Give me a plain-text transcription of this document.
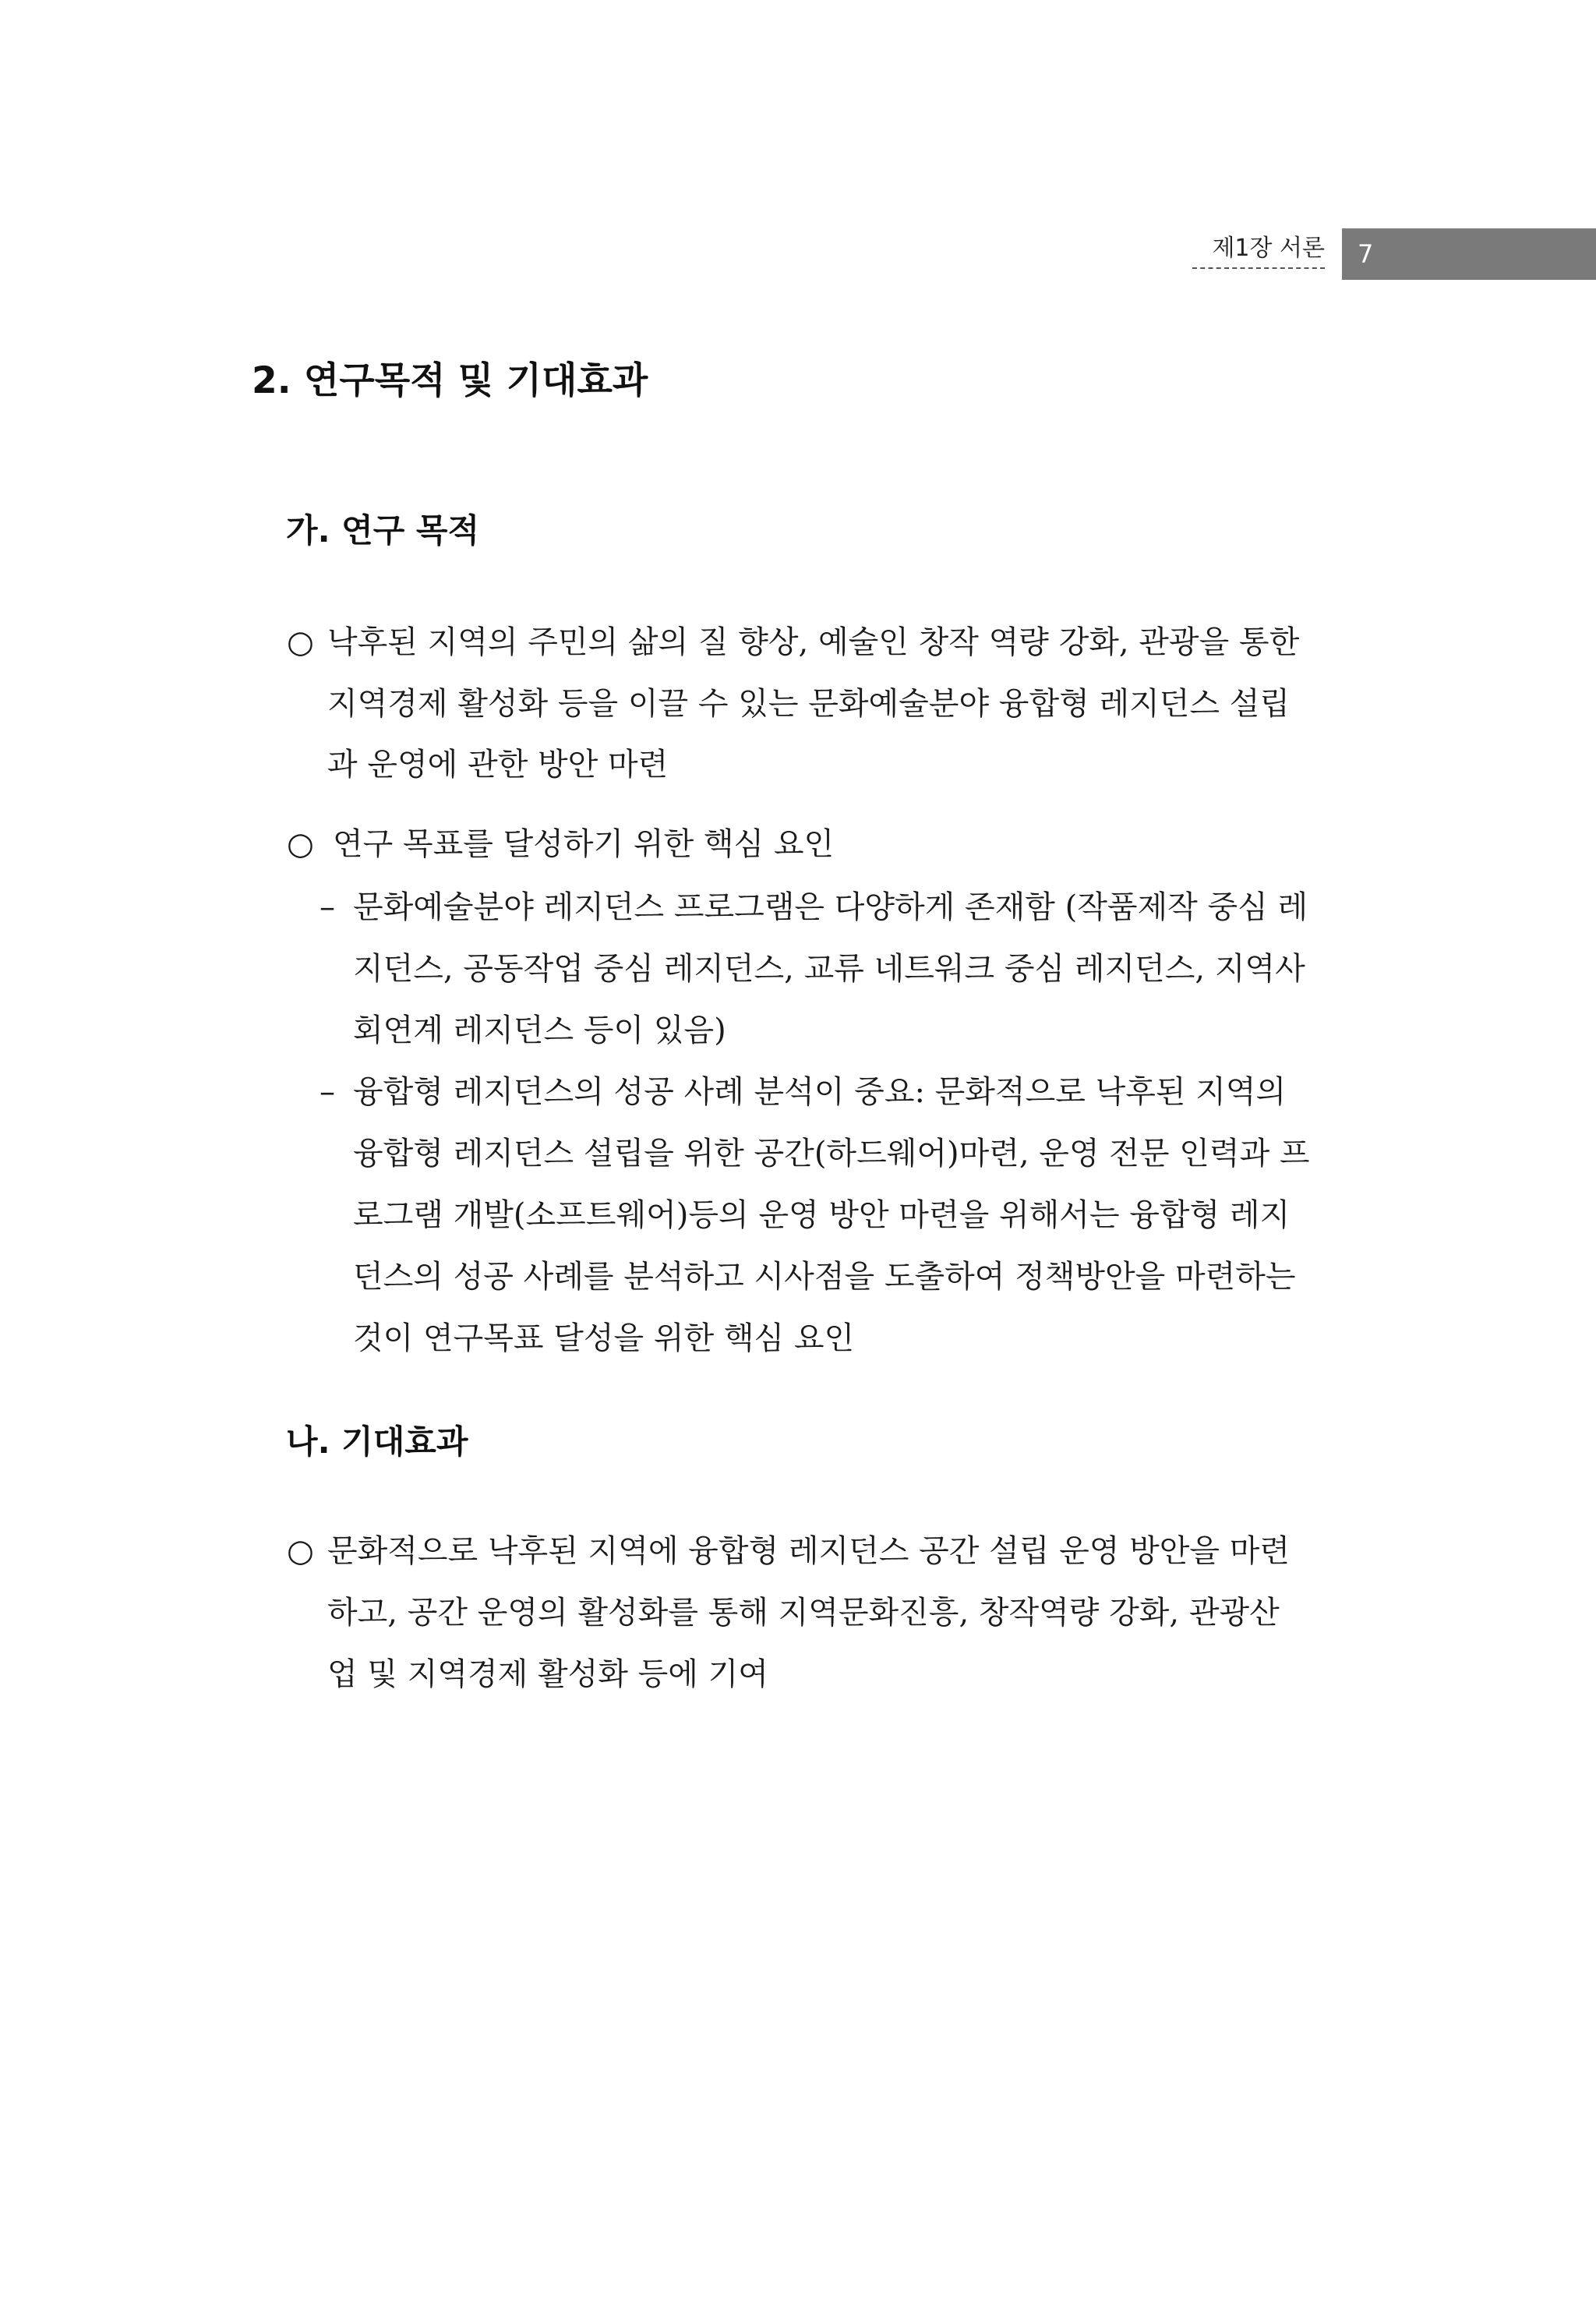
제1장 서론 7
2. 연구목적 및 기대효과
가. 연구 목적
○ 낙후된 지역의 주민의 삶의 질 향상, 예술인 창작 역량 강화, 관광을 통한
지역경제 활성화 등을 이끌 수 있는 문화예술분야 융합형 레지던스 설립
과 운영에 관한 방안 마련
○ 연구 목표를 달성하기 위한 핵심 요인
– 문화예술분야 레지던스 프로그램은 다양하게 존재함 (작품제작 중심 레
지던스, 공동작업 중심 레지던스, 교류 네트워크 중심 레지던스, 지역사
회연계 레지던스 등이 있음)
– 융합형 레지던스의 성공 사례 분석이 중요: 문화적으로 낙후된 지역의
융합형 레지던스 설립을 위한 공간(하드웨어)마련, 운영 전문 인력과 프
로그램 개발(소프트웨어)등의 운영 방안 마련을 위해서는 융합형 레지
던스의 성공 사례를 분석하고 시사점을 도출하여 정책방안을 마련하는
것이 연구목표 달성을 위한 핵심 요인
나. 기대효과
○ 문화적으로 낙후된 지역에 융합형 레지던스 공간 설립 운영 방안을 마련
하고, 공간 운영의 활성화를 통해 지역문화진흥, 창작역량 강화, 관광산
업 및 지역경제 활성화 등에 기여
